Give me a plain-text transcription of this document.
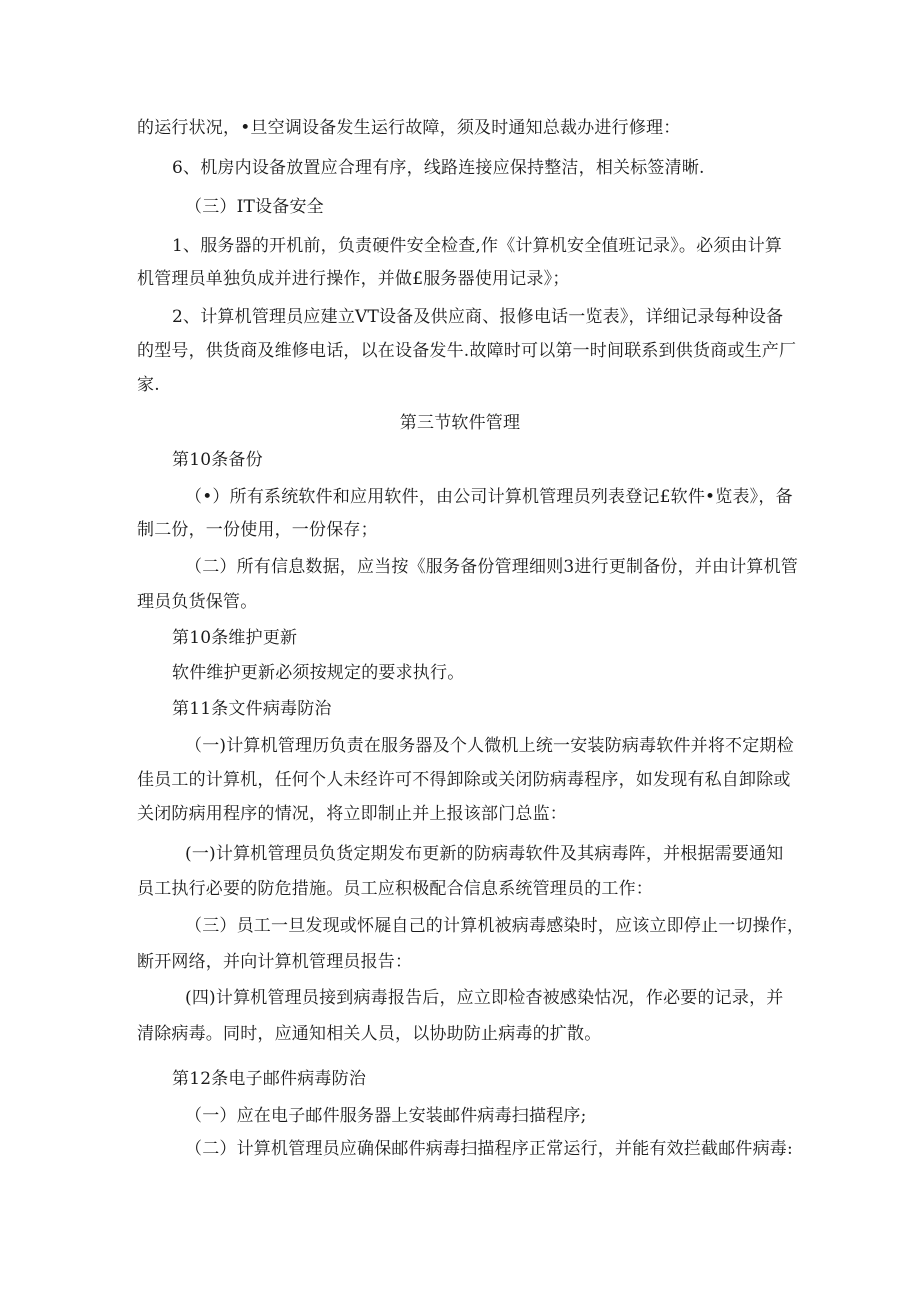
的运行状况，•旦空调设备发生运行故障，须及时通知总裁办进行修理：

6、机房内设备放置应合理有序，线路连接应保持整洁，相关标签清晰.

（三）IT设备安全

1、服务器的开机前，负责硬件安全检查,作《计算机安全值班记录》。必须由计算

机管理员单独负成并进行操作，并做£服务器使用记录》；

2、计算机管理员应建立VT设备及供应商、报修电话一览表》，详细记录每种设备

的型号，供货商及维修电话，以在设备发牛.故障时可以第一时间联系到供货商或生产厂

家.

第三节软件管理

第10条备份

（•）所有系统软件和应用软件，由公司计算机管理员列表登记£软件•览表》，备

制二份，一份使用，一份保存；

（二）所有信息数据，应当按《服务备份管理细则3进行更制备份，并由计算机管

理员负货保管。

第10条维护更新

软件维护更新必须按规定的要求执行。

第11条文件病毒防治

（一)计算机管理历负责在服务器及个人微机上统一安装防病毒软件并将不定期检

佳员工的计算机，任何个人未经许可不得卸除或关闭防病毒程序，如发现有私自卸除或

关闭防病用程序的情况，将立即制止并上报该部门总监：

(一)计算机管理员负货定期发布更新的防病毒软件及其病毒阵，并根据需要通知

员工执行必要的防危措施。员工应积极配合信息系统管理员的工作：

（三）员工一旦发现或怀屣自己的计算机被病毒感染时，应该立即停止一切操作，

断开网络，并向计算机管理员报告：

(四)计算机管理员接到病毒报告后，应立即检杳被感染怙况，作必要的记录，并

清除病毒。同时，应通知相关人员，以协助防止病毒的扩散。

第12条电子邮件病毒防治

（一）应在电子邮件服务器上安装邮件病毒扫描程序;

（二）计算机管理员应确保邮件病毒扫描程序正常运行，并能有效拦截邮件病毒:
